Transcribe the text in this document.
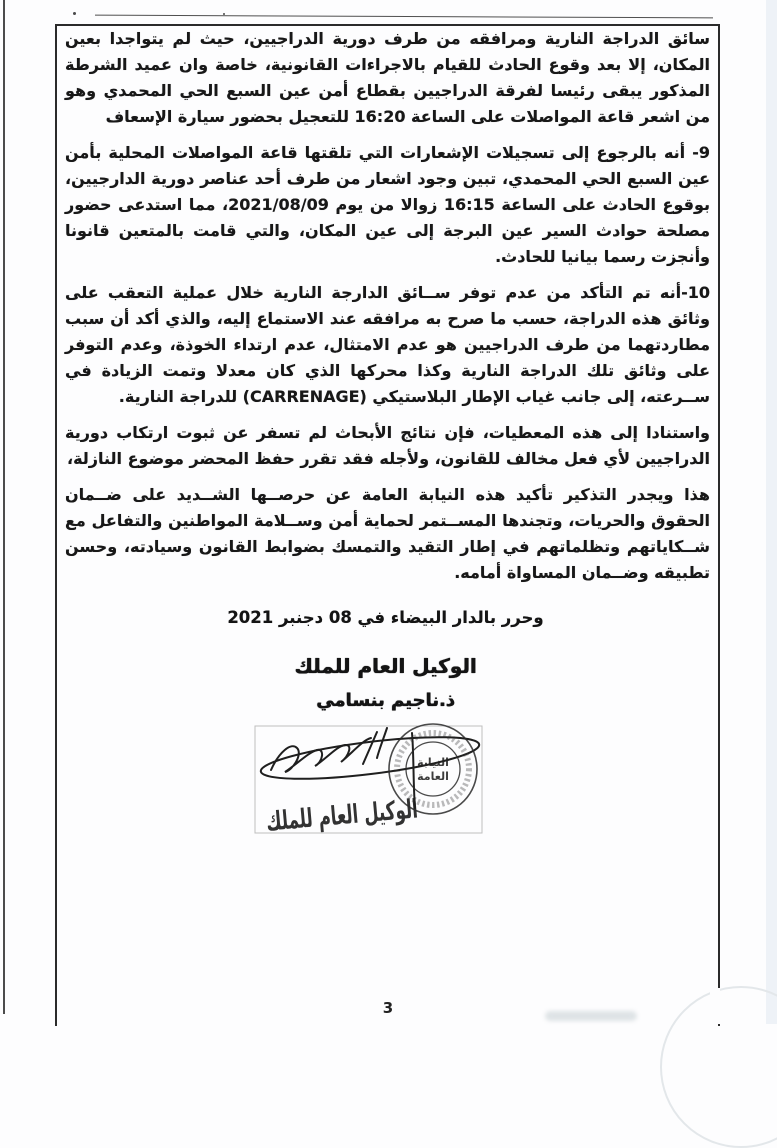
سائق الدراجة النارية ومرافقه من طرف دورية الدراجيين، حيث لم يتواجدا بعين المكان، إلا بعد وقوع الحادث للقيام بالاجراءات القانونية، خاصة وان عميد الشرطة المذكور يبقى رئيسا لفرقة الدراجيين بقطاع أمن عين السبع الحي المحمدي وهو من اشعر قاعة المواصلات على الساعة 16:20 للتعجيل بحضور سيارة الإسعاف

9- أنه بالرجوع إلى تسجيلات الإشعارات التي تلقتها قاعة المواصلات المحلية بأمن عين السبع الحي المحمدي، تبين وجود اشعار من طرف أحد عناصر دورية الدارجيين، بوقوع الحادث على الساعة 16:15 زوالا من يوم 2021/08/09، مما استدعى حضور مصلحة حوادث السير عين البرجة إلى عين المكان، والتي قامت بالمتعين قانونا وأنجزت رسما بيانيا للحادث.

10-أنه تم التأكد من عدم توفر ســائق الدارجة النارية خلال عملية التعقب على وثائق هذه الدراجة، حسب ما صرح به مرافقه عند الاستماع إليه، والذي أكد أن سبب مطاردتهما من طرف الدراجيين هو عدم الامتثال، عدم ارتداء الخوذة، وعدم التوفر على وثائق تلك الدراجة النارية وكذا محركها الذي كان معدلا وتمت الزيادة في ســرعته، إلى جانب غياب الإطار البلاستيكي (CARRENAGE) للدراجة النارية.

واستنادا إلى هذه المعطيات، فإن نتائج الأبحاث لم تسفر عن ثبوت ارتكاب دورية الدراجيين لأي فعل مخالف للقانون، ولأجله فقد تقرر حفظ المحضر موضوع النازلة،

هذا ويجدر التذكير تأكيد هذه النيابة العامة عن حرصــها الشــديد على ضــمان الحقوق والحريات، وتجندها المســتمر لحماية أمن وســلامة المواطنين والتفاعل مع شــكاياتهم وتظلماتهم في إطار التقيد والتمسك بضوابط القانون وسيادته، وحسن تطبيقه وضــمان المساواة أمامه.

وحرر بالدار البيضاء في 08 دجنبر 2021
الوكيل العام للملك
ذ.ناجيم بنسامي
الوكيل العام للملك
النيابة
العامة
3
